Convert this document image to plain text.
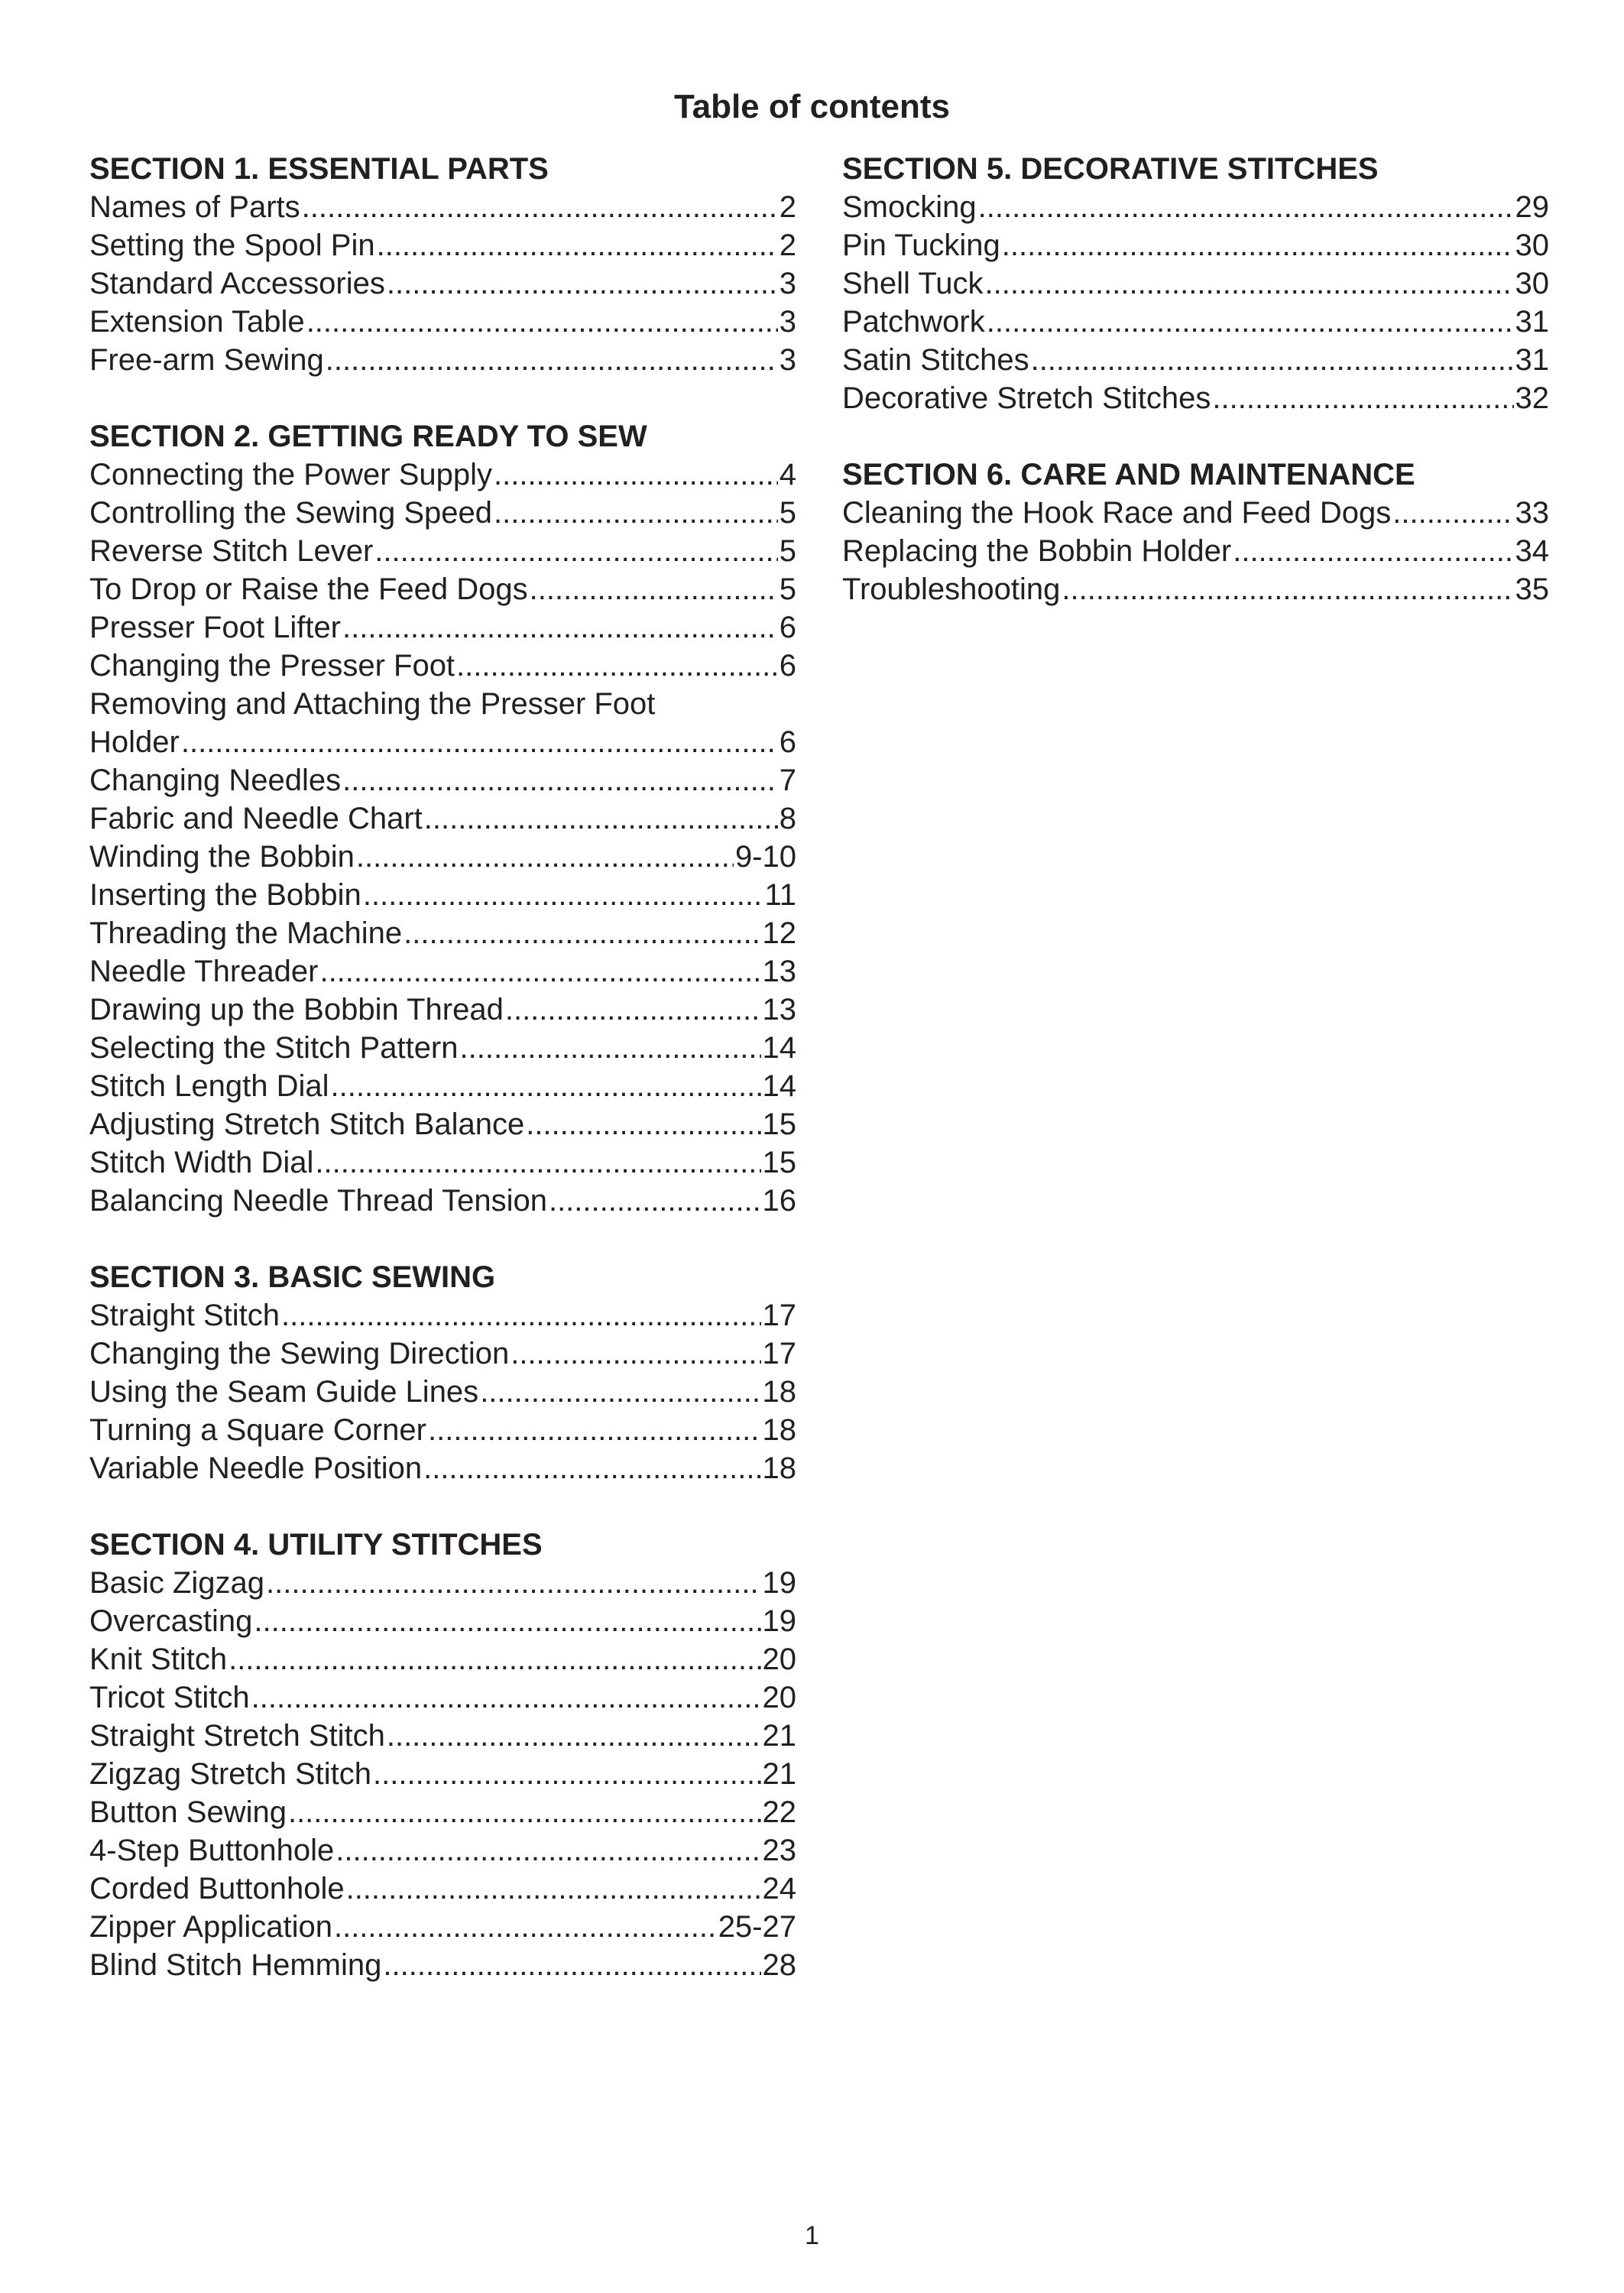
Table of contents
SECTION 1. ESSENTIAL PARTS
Names of Parts .....	2
Setting the Spool Pin .....	2
Standard Accessories .....	3
Extension Table .....	3
Free-arm Sewing .....	3
SECTION 2. GETTING READY TO SEW
Connecting the Power Supply .....	4
Controlling the Sewing Speed .....	5
Reverse Stitch Lever .....	5
To Drop or Raise the Feed Dogs .....	5
Presser Foot Lifter .....	6
Changing the Presser Foot .....	6
Removing and Attaching the Presser Foot
Holder .....	6
Changing Needles .....	7
Fabric and Needle Chart .....	8
Winding the Bobbin .....	9-10
Inserting the Bobbin .....	11
Threading the Machine .....	12
Needle Threader .....	13
Drawing up the Bobbin Thread .....	13
Selecting the Stitch Pattern .....	14
Stitch Length Dial .....	14
Adjusting Stretch Stitch Balance .....	15
Stitch Width Dial .....	15
Balancing Needle Thread Tension .....	16
SECTION 3. BASIC SEWING
Straight Stitch .....	17
Changing the Sewing Direction .....	17
Using the Seam Guide Lines .....	18
Turning a Square Corner .....	18
Variable Needle Position .....	18
SECTION 4. UTILITY STITCHES
Basic Zigzag .....	19
Overcasting .....	19
Knit Stitch .....	20
Tricot Stitch .....	20
Straight Stretch Stitch .....	21
Zigzag Stretch Stitch .....	21
Button Sewing .....	22
4-Step Buttonhole .....	23
Corded Buttonhole .....	24
Zipper Application .....	25-27
Blind Stitch Hemming .....	28
SECTION 5. DECORATIVE STITCHES
Smocking .....	29
Pin Tucking .....	30
Shell Tuck .....	30
Patchwork .....	31
Satin Stitches .....	31
Decorative Stretch Stitches .....	32
SECTION 6. CARE AND MAINTENANCE
Cleaning the Hook Race and Feed Dogs .....	33
Replacing the Bobbin Holder .....	34
Troubleshooting .....	35
1
